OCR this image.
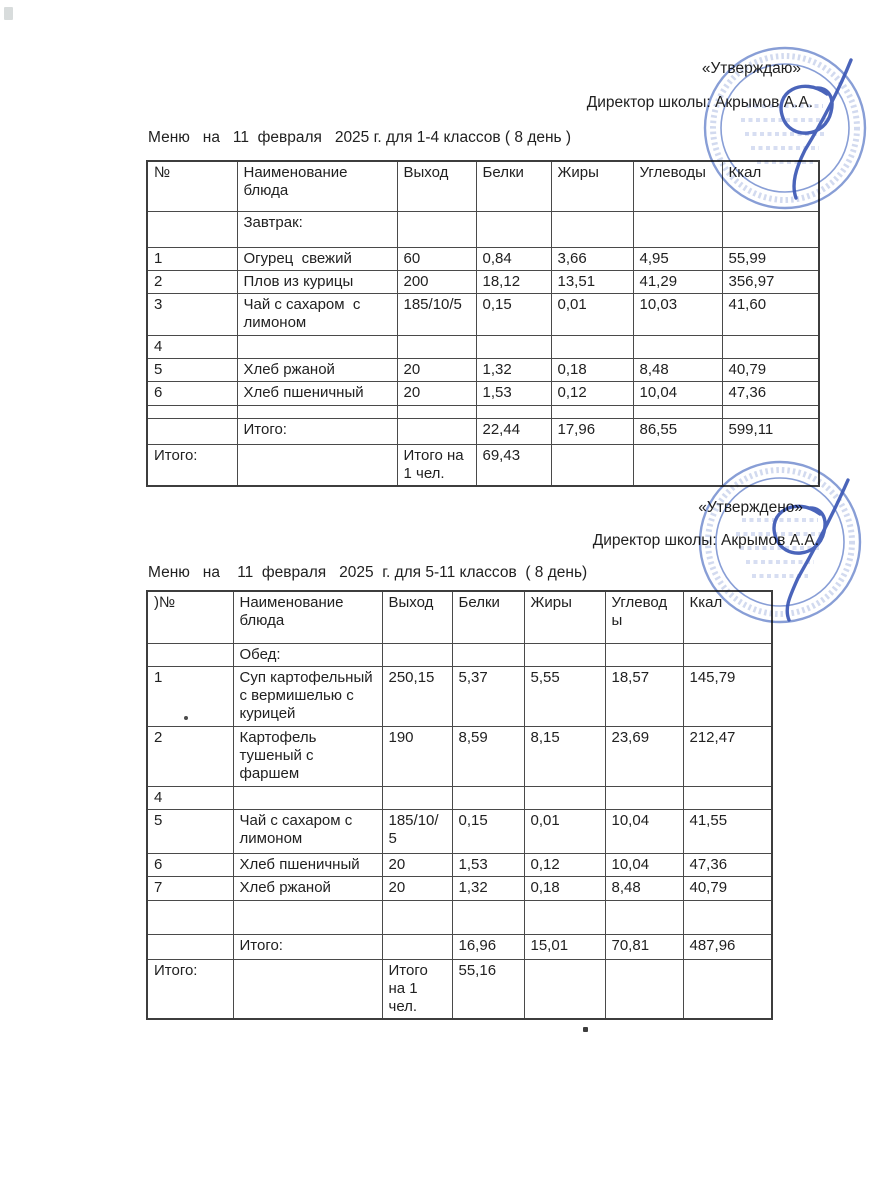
«Утверждаю»
Директор школы: Акрымов А.А.
Меню   на   11  февраля   2025 г. для 1-4 классов ( 8 день )
№	Наименование блюда	Выход	Белки	Жиры	Углеводы	Ккал
	Завтрак:					
1	Огурец  свежий	60	0,84	3,66	4,95	55,99
2	Плов из курицы	200	18,12	13,51	41,29	356,97
3	Чай с сахаром  с лимоном	185/10/5	0,15	0,01	10,03	41,60
4						
5	Хлеб ржаной	20	1,32	0,18	8,48	40,79
6	Хлеб пшеничный	20	1,53	0,12	10,04	47,36

	Итого:		22,44	17,96	86,55	599,11
Итого:		Итого на 1 чел.	69,43			
«Утверждено»
Директор школы: Акрымов А.А.
Меню   на    11  февраля   2025  г. для 5-11 классов  ( 8 день)
)№	Наименование блюда	Выход	Белки	Жиры	Углевод ы	Ккал
	Обед:					
1	Суп картофельный с вермишелью с курицей	250,15	5,37	5,55	18,57	145,79
2	Картофель тушеный с фаршем	190	8,59	8,15	23,69	212,47
4						
5	Чай с сахаром с лимоном	185/10/5	0,15	0,01	10,04	41,55
6	Хлеб пшеничный	20	1,53	0,12	10,04	47,36
7	Хлеб ржаной	20	1,32	0,18	8,48	40,79

	Итого:		16,96	15,01	70,81	487,96
Итого:		Итого на 1 чел.	55,16			
